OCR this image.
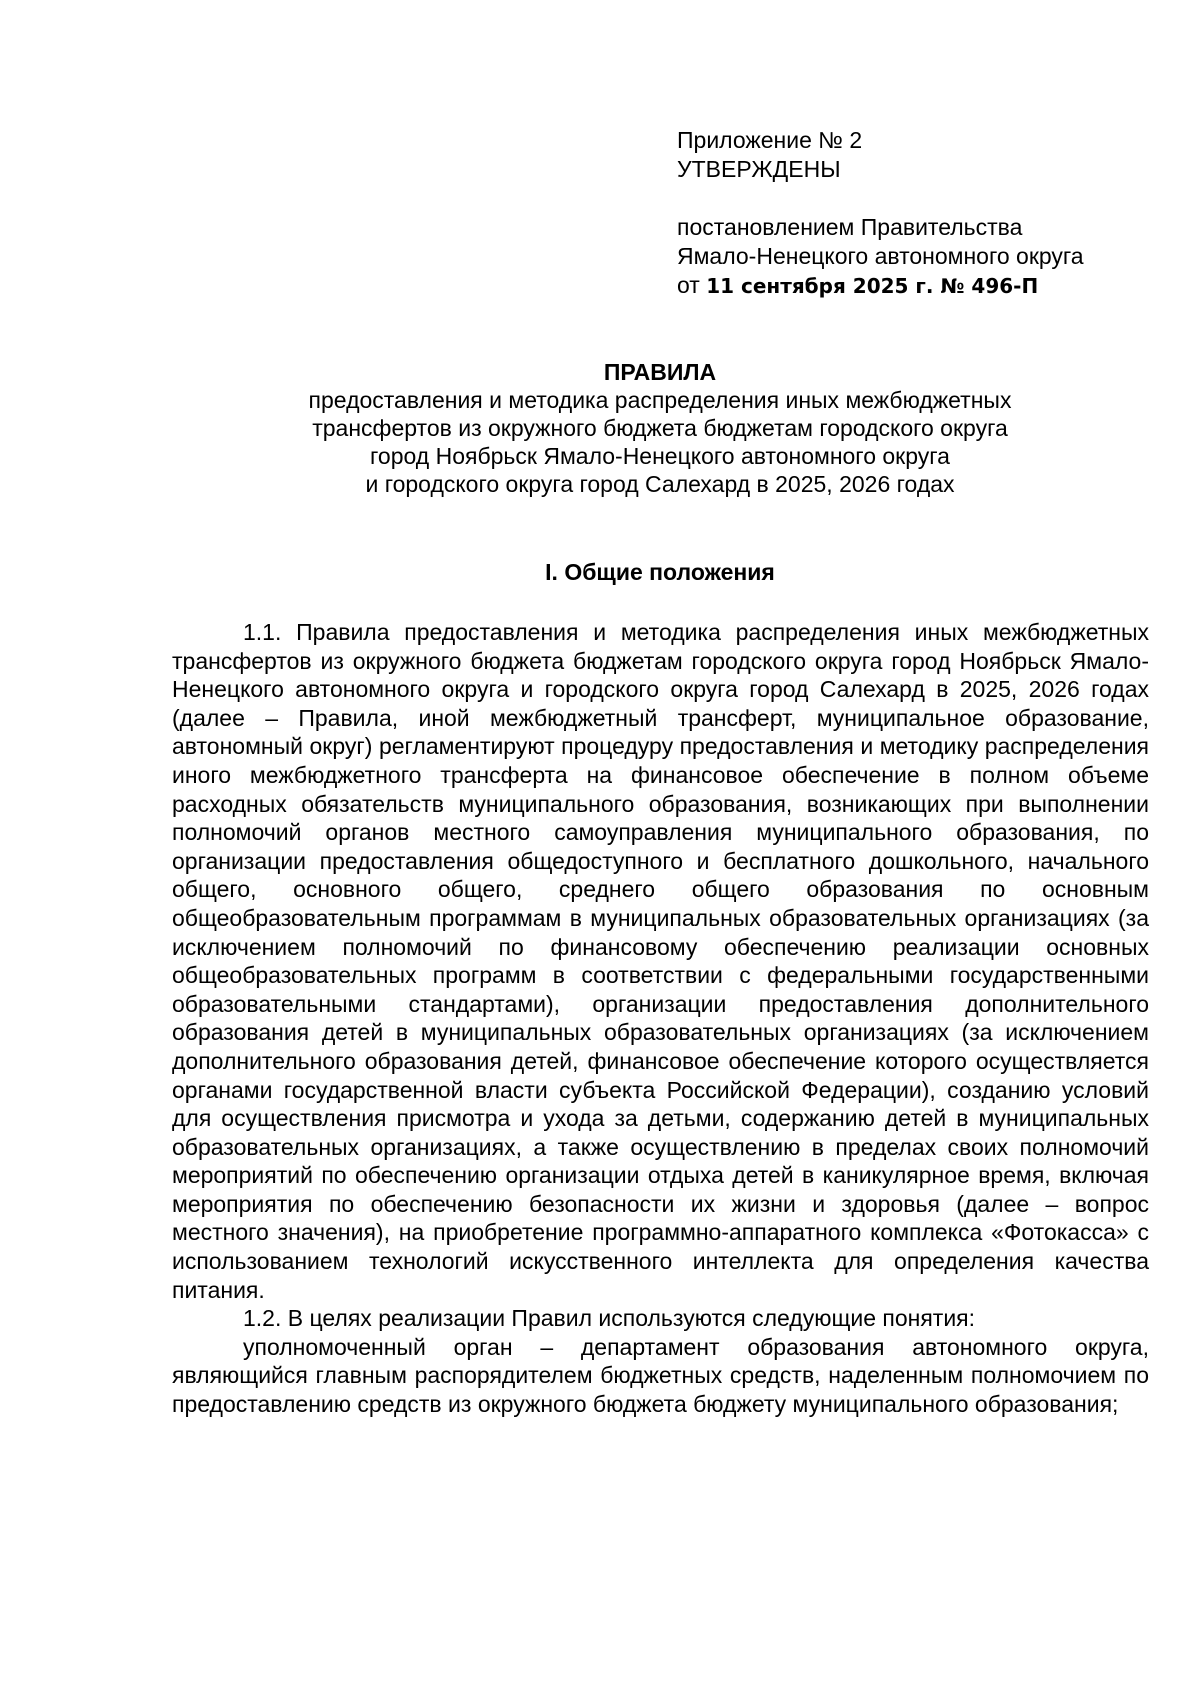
Приложение № 2
УТВЕРЖДЕНЫ
постановлением Правительства
Ямало-Ненецкого автономного округа
от 11 сентября 2025 г. № 496-П
ПРАВИЛА
предоставления и методика распределения иных межбюджетных
трансфертов из окружного бюджета бюджетам городского округа
город Ноябрьск Ямало-Ненецкого автономного округа
и городского округа город Салехард в 2025, 2026 годах
I. Общие положения

1.1. Правила предоставления и методика распределения иных межбюджетных трансфертов из окружного бюджета бюджетам городского округа город Ноябрьск Ямало-Ненецкого автономного округа и городского округа город Салехард в 2025, 2026 годах (далее – Правила, иной межбюджетный трансферт, муниципальное образование, автономный округ) регламентируют процедуру предоставления и методику распределения иного межбюджетного трансферта на финансовое обеспечение в полном объеме расходных обязательств муниципального образования, возникающих при выполнении полномочий органов местного самоуправления муниципального образования, по организации предоставления общедоступного и бесплатного дошкольного, начального общего, основного общего, среднего общего образования по основным общеобразовательным программам в муниципальных образовательных организациях (за исключением полномочий по финансовому обеспечению реализации основных общеобразовательных программ в соответствии с федеральными государственными образовательными стандартами), организации предоставления дополнительного образования детей в муниципальных образовательных организациях (за исключением дополнительного образования детей, финансовое обеспечение которого осуществляется органами государственной власти субъекта Российской Федерации), созданию условий для осуществления присмотра и ухода за детьми, содержанию детей в муниципальных образовательных организациях, а также осуществлению в пределах своих полномочий мероприятий по обеспечению организации отдыха детей в каникулярное время, включая мероприятия по обеспечению безопасности их жизни и здоровья (далее – вопрос местного значения), на приобретение программно-аппаратного комплекса «Фотокасса» с использованием технологий искусственного интеллекта для определения качества питания.

1.2. В целях реализации Правил используются следующие понятия:

уполномоченный орган – департамент образования автономного округа, являющийся главным распорядителем бюджетных средств, наделенным полномочием по предоставлению средств из окружного бюджета бюджету муниципального образования;
